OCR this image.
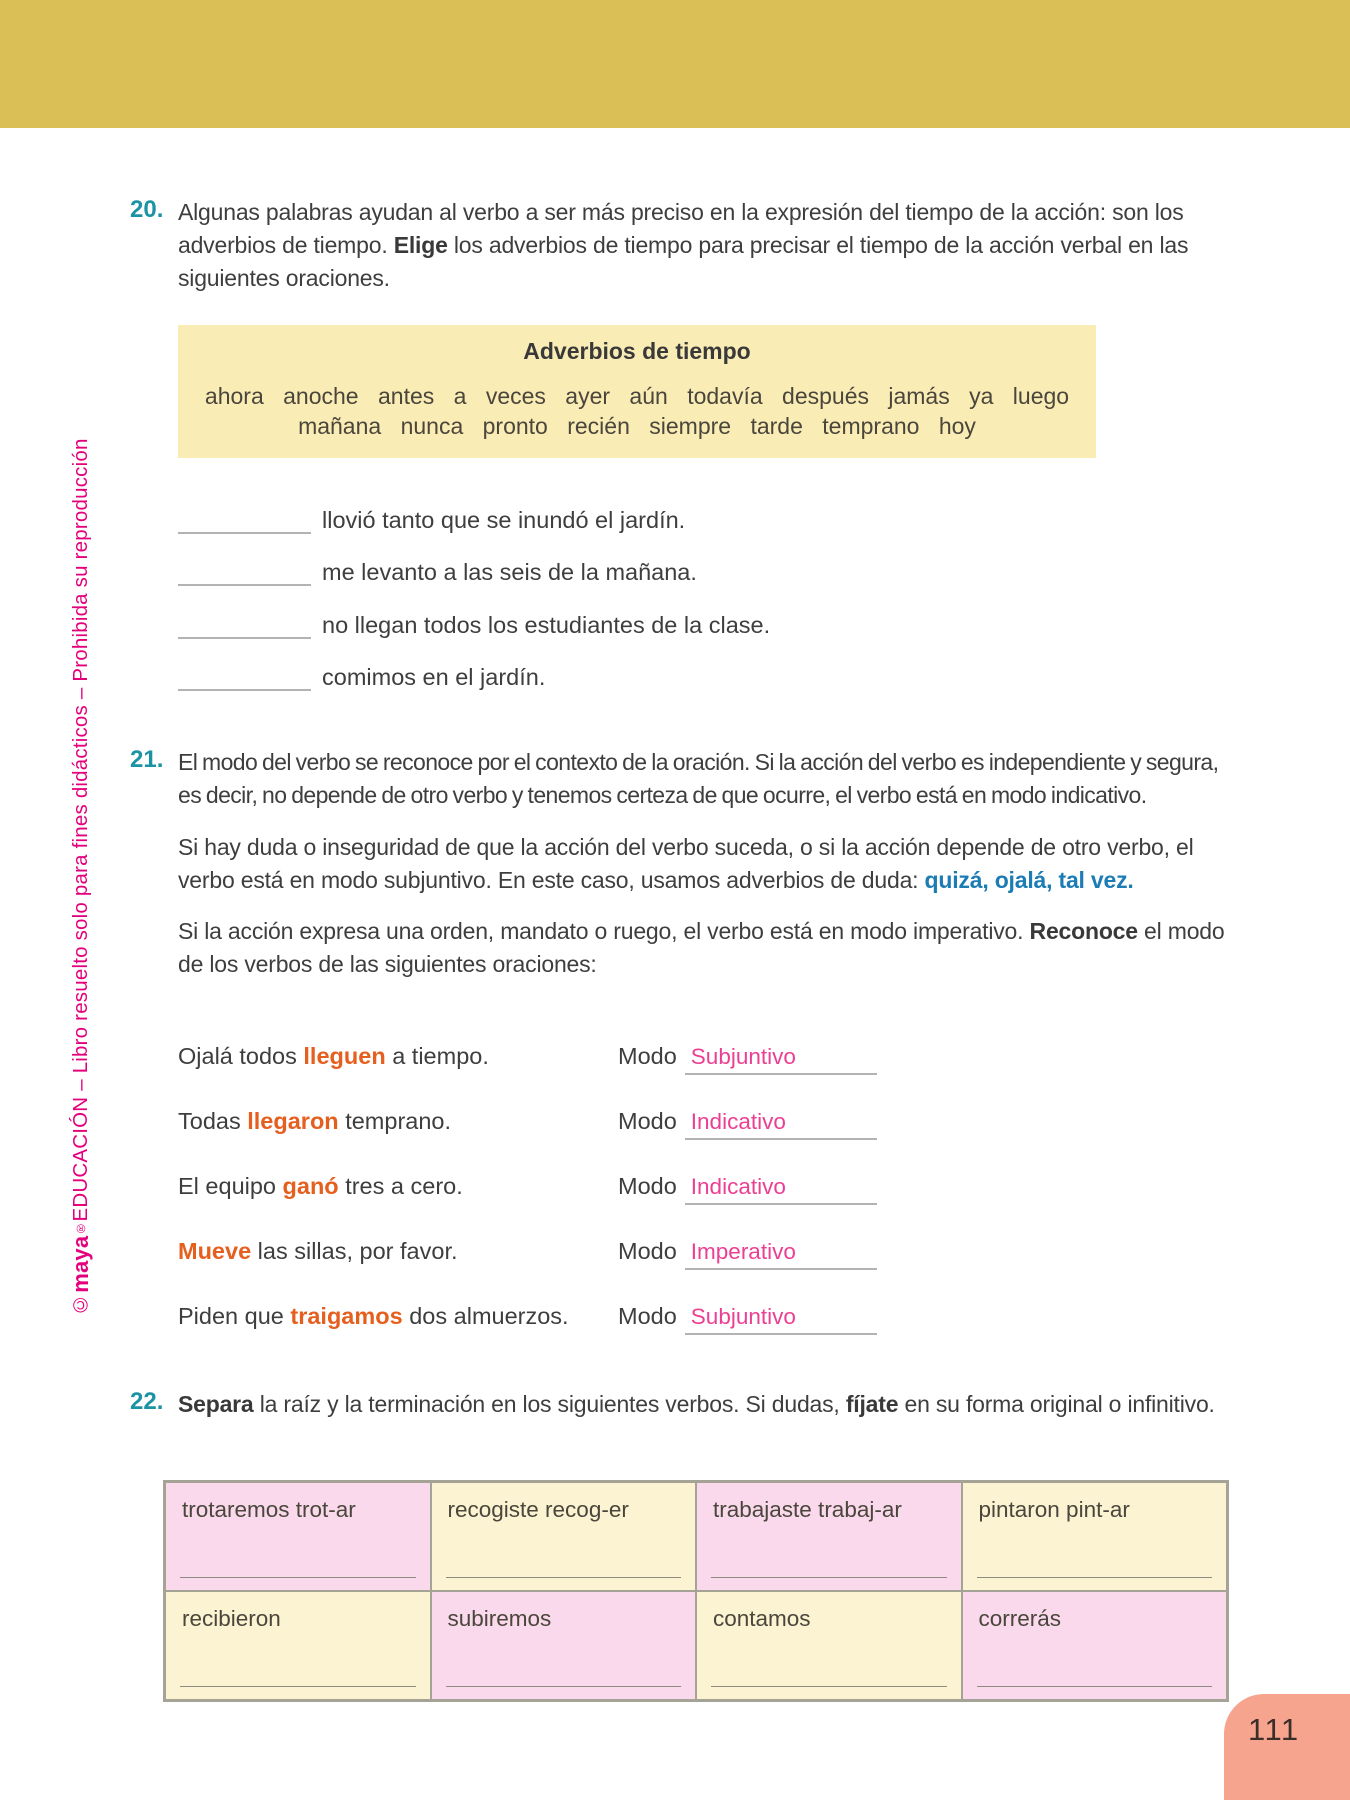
©maya®EDUCACIÓN – Libro resuelto solo para fines didácticos – Prohibida su reproducción
20. Algunas palabras ayudan al verbo a ser más preciso en la expresión del tiempo de la acción: son los adverbios de tiempo. Elige los adverbios de tiempo para precisar el tiempo de la acción verbal en las siguientes oraciones.
Adverbios de tiempo
ahora anoche antes a veces ayer aún todavía después jamás ya luego
mañana nunca pronto recién siempre tarde temprano hoy
llovió tanto que se inundó el jardín.
me levanto a las seis de la mañana.
no llegan todos los estudiantes de la clase.
comimos en el jardín.
21. El modo del verbo se reconoce por el contexto de la oración. Si la acción del verbo es independiente y segura, es decir, no depende de otro verbo y tenemos certeza de que ocurre, el verbo está en modo indicativo.
Si hay duda o inseguridad de que la acción del verbo suceda, o si la acción depende de otro verbo, el verbo está en modo subjuntivo. En este caso, usamos adverbios de duda: quizá, ojalá, tal vez.
Si la acción expresa una orden, mandato o ruego, el verbo está en modo imperativo. Reconoce el modo de los verbos de las siguientes oraciones:
Ojalá todos lleguen a tiempo.	Modo Subjuntivo
Todas llegaron temprano.	Modo Indicativo
El equipo ganó tres a cero.	Modo Indicativo
Mueve las sillas, por favor.	Modo Imperativo
Piden que traigamos dos almuerzos. Modo Subjuntivo
22. Separa la raíz y la terminación en los siguientes verbos. Si dudas, fíjate en su forma original o infinitivo.
trotaremos trot-ar	recogiste recog-er	trabajaste trabaj-ar	pintaron pint-ar
recibieron	subiremos	contamos	correrás
111
